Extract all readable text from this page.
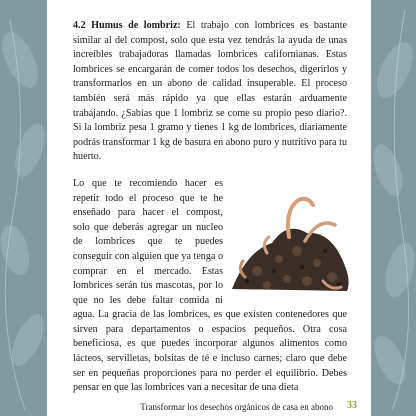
4.2 Humus de lombriz: El trabajo con lombrices es bastante similar al del compost, solo que esta vez tendrás la ayuda de unas increíbles trabajadoras llamadas lombrices californianas. Estas lombrices se encargarán de comer todos los desechos, digerirlos y transformarlos en un abono de calidad insuperable. El proceso también será más rápido ya que ellas estarán arduamente trabajando. ¿Sabías que 1 lombriz se come su propio peso diario?. Si la lombriz pesa 1 gramo y tienes 1 kg de lombrices, diariamente podrás transformar 1 kg de basura en abono puro y nutritivo para tu huerto.

Lo que te recomiendo hacer es repetir todo el proceso que te he enseñado para hacer el compost, solo que deberás agregar un nucleo de lombrices que te puedes conseguir con alguien que ya tenga o comprar en el mercado. Estas lombrices serán tus mascotas, por lo que no les debe faltar comida ni agua. La gracia de las lombrices, es que existen contenedores que sirven para departamentos o espacios pequeños. Otra cosa beneficiosa, es que puedes incorporar algunos alimentos como lácteos, servilletas, bolsitas de té e incluso carnes; claro que debe ser en pequeñas proporciones para no perder el equilibrio. Debes pensar en que las lombrices van a necesitar de una dieta

Transformar los desechos orgánicos de casa en abono 33
